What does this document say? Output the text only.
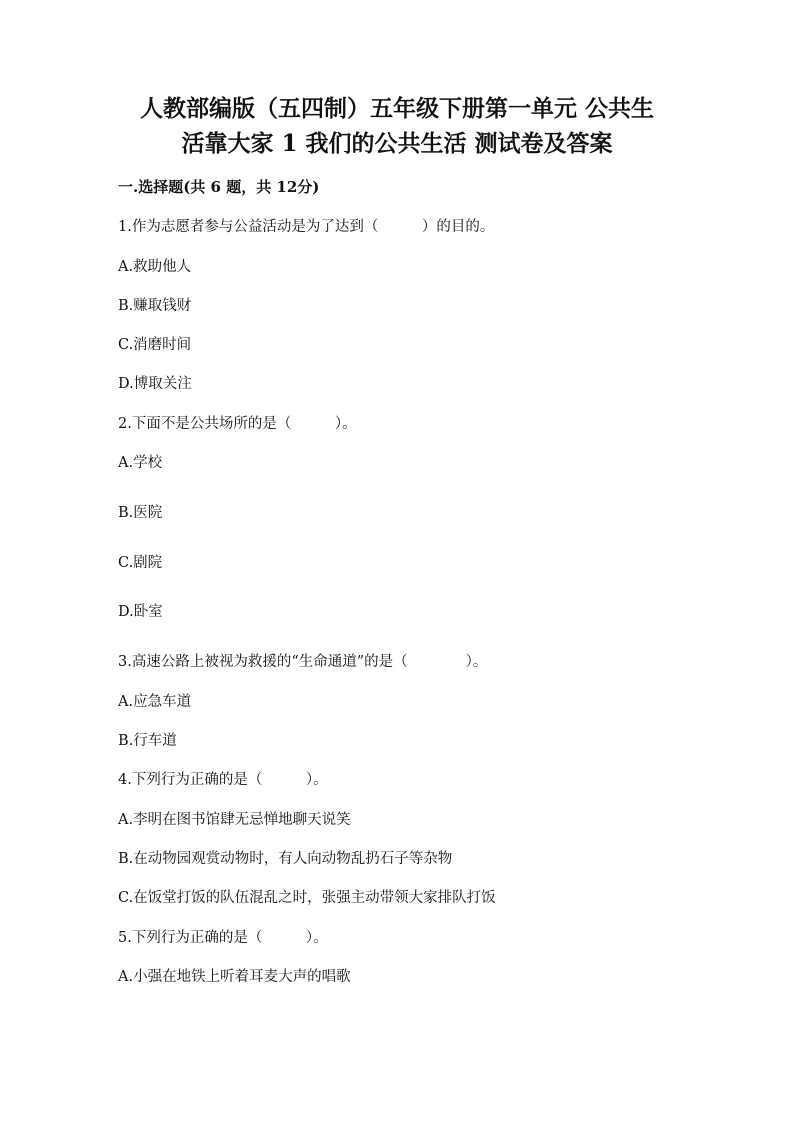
人教部编版（五四制）五年级下册第一单元 公共生
活靠大家 1 我们的公共生活 测试卷及答案
一.选择题(共 6 题，共 12分)
1.作为志愿者参与公益活动是为了达到（　　　）的目的。
A.救助他人
B.赚取钱财
C.消磨时间
D.博取关注
2.下面不是公共场所的是（　　　）。
A.学校
B.医院
C.剧院
D.卧室
3.高速公路上被视为救援的“生命通道”的是（　　　　）。
A.应急车道
B.行车道
4.下列行为正确的是（　　　）。
A.李明在图书馆肆无忌惮地聊天说笑
B.在动物园观赏动物时，有人向动物乱扔石子等杂物
C.在饭堂打饭的队伍混乱之时，张强主动带领大家排队打饭
5.下列行为正确的是（　　　）。
A.小强在地铁上听着耳麦大声的唱歌
